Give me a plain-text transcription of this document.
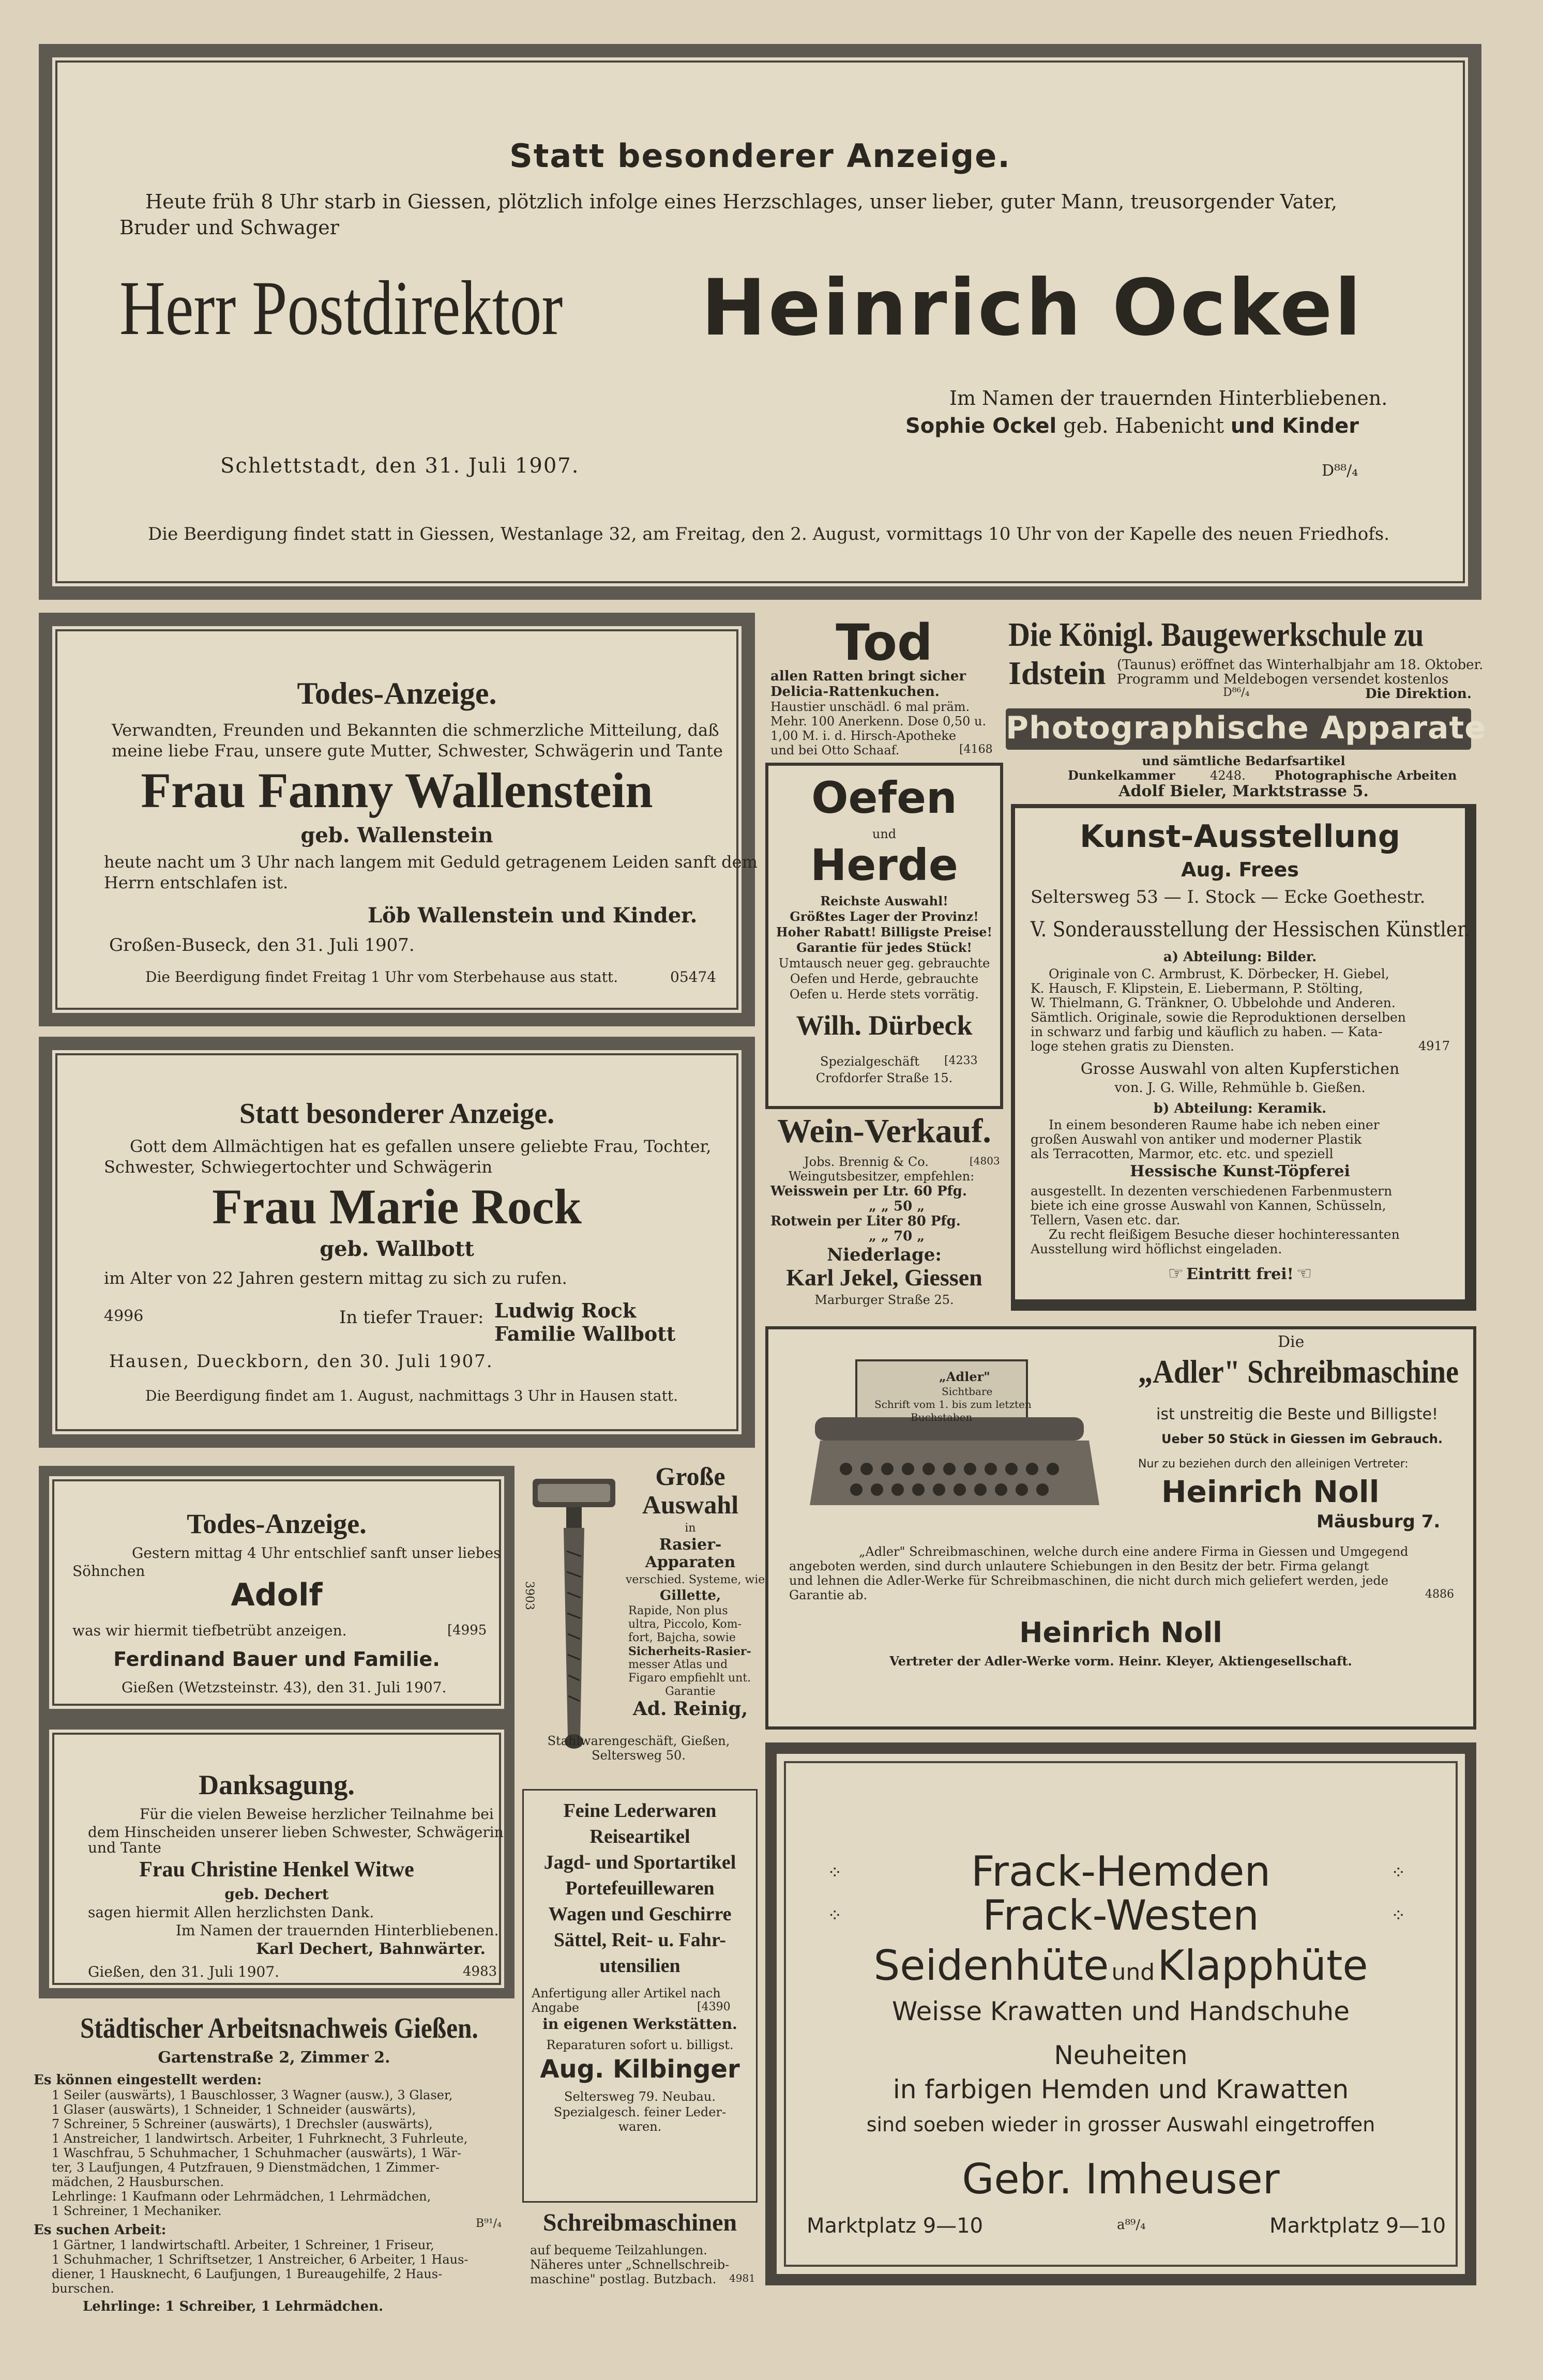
Statt besonderer Anzeige.
Heute früh 8 Uhr starb in Giessen, plötzlich infolge eines Herzschlages, unser lieber, guter Mann, treusorgender Vater,
Bruder und Schwager
Herr Postdirektor Heinrich Ockel
Im Namen der trauernden Hinterbliebenen.
Sophie Ockel geb. Habenicht und Kinder
Schlettstadt, den 31. Juli 1907.	D⁸⁸/₄
Die Beerdigung findet statt in Giessen, Westanlage 32, am Freitag, den 2. August, vormittags 10 Uhr von der Kapelle des neuen Friedhofs.
Todes-Anzeige.
Verwandten, Freunden und Bekannten die schmerzliche Mitteilung, daß
meine liebe Frau, unsere gute Mutter, Schwester, Schwägerin und Tante
Frau Fanny Wallenstein
geb. Wallenstein
heute nacht um 3 Uhr nach langem mit Geduld getragenem Leiden sanft dem
Herrn entschlafen ist.
Löb Wallenstein und Kinder.
Großen-Buseck, den 31. Juli 1907.
Die Beerdigung findet Freitag 1 Uhr vom Sterbehause aus statt.	05474
Statt besonderer Anzeige.
Gott dem Allmächtigen hat es gefallen unsere geliebte Frau, Tochter,
Schwester, Schwiegertochter und Schwägerin
Frau Marie Rock
geb. Wallbott
im Alter von 22 Jahren gestern mittag zu sich zu rufen.
4996	In tiefer Trauer: Ludwig Rock
Familie Wallbott
Hausen, Dueckborn, den 30. Juli 1907.
Die Beerdigung findet am 1. August, nachmittags 3 Uhr in Hausen statt.
Todes-Anzeige.
Gestern mittag 4 Uhr entschlief sanft unser liebes
Söhnchen
Adolf
was wir hiermit tiefbetrübt anzeigen.	[4995
Ferdinand Bauer und Familie.
Gießen (Wetzsteinstr. 43), den 31. Juli 1907.
Danksagung.
Für die vielen Beweise herzlicher Teilnahme bei
dem Hinscheiden unserer lieben Schwester, Schwägerin
und Tante
Frau Christine Henkel Witwe
geb. Dechert
sagen hiermit Allen herzlichsten Dank.
Im Namen der trauernden Hinterbliebenen.
Karl Dechert, Bahnwärter.
Gießen, den 31. Juli 1907.	4983
Städtischer Arbeitsnachweis Gießen.
Gartenstraße 2, Zimmer 2.
Es können eingestellt werden:
1 Seiler (auswärts), 1 Bauschlosser, 3 Wagner (ausw.), 3 Glaser,
1 Glaser (auswärts), 1 Schneider, 1 Schneider (auswärts),
7 Schreiner, 5 Schreiner (auswärts), 1 Drechsler (auswärts),
1 Anstreicher, 1 landwirtsch. Arbeiter, 1 Fuhrknecht, 3 Fuhrleute,
1 Waschfrau, 5 Schuhmacher, 1 Schuhmacher (auswärts), 1 Wär-
ter, 3 Laufjungen, 4 Putzfrauen, 9 Dienstmädchen, 1 Zimmer-
mädchen, 2 Hausburschen.
Lehrlinge: 1 Kaufmann oder Lehrmädchen, 1 Lehrmädchen,
1 Schreiner, 1 Mechaniker.
B⁹¹/₄
Es suchen Arbeit:
1 Gärtner, 1 landwirtschaftl. Arbeiter, 1 Schreiner, 1 Friseur,
1 Schuhmacher, 1 Schriftsetzer, 1 Anstreicher, 6 Arbeiter, 1 Haus-
diener, 1 Hausknecht, 6 Laufjungen, 1 Bureaugehilfe, 2 Haus-
burschen.
Lehrlinge: 1 Schreiber, 1 Lehrmädchen.
Tod
allen Ratten bringt sicher
Delicia-Rattenkuchen.
Haustier unschädl. 6 mal präm.
Mehr. 100 Anerkenn. Dose 0,50 u.
1,00 M. i. d. Hirsch-Apotheke
und bei Otto Schaaf.	[4168
Oefen
und
Herde
Reichste Auswahl!
Größtes Lager der Provinz!
Hoher Rabatt! Billigste Preise!
Garantie für jedes Stück!
Umtausch neuer geg. gebrauchte
Oefen und Herde, gebrauchte
Oefen u. Herde stets vorrätig.
Wilh. Dürbeck
Spezialgeschäft [4233
Crofdorfer Straße 15.
Wein-Verkauf.
Jobs. Brennig & Co.	[4803
Weingutsbesitzer, empfehlen:
Weisswein per Ltr. 60 Pfg.
„ „ 50 „
Rotwein per Liter 80 Pfg.
„ „ 70 „
Niederlage:
Karl Jekel, Giessen
Marburger Straße 25.
Große
Auswahl
in
Rasier-
Apparaten
verschied. Systeme, wie
Gillette,
Rapide, Non plus
ultra, Piccolo, Kom-
fort, Bajcha, sowie
Sicherheits-Rasier-
messer Atlas und
Figaro empfiehlt unt.
Garantie
Ad. Reinig,
Stahlwarengeschäft, Gießen,
Seltersweg 50.
3903
Feine Lederwaren
Reiseartikel
Jagd- und Sportartikel
Portefeuillewaren
Wagen und Geschirre
Sättel, Reit- u. Fahr-
utensilien
Anfertigung aller Artikel nach
Angabe	[4390
in eigenen Werkstätten.
Reparaturen sofort u. billigst.
Aug. Kilbinger
Seltersweg 79. Neubau.
Spezialgesch. feiner Leder-
waren.
Schreibmaschinen
auf bequeme Teilzahlungen.
Näheres unter „Schnellschreib-
maschine" postlag. Butzbach. 4981
Die Königl. Baugewerkschule zu
Idstein (Taunus) eröffnet das Winterhalbjahr am 18. Oktober.
Programm und Meldebogen versendet kostenlos
D⁸⁶/₄	Die Direktion.
Photographische Apparate
und sämtliche Bedarfsartikel
Dunkelkammer	4248. Photographische Arbeiten
Adolf Bieler, Marktstrasse 5.
Kunst-Ausstellung
Aug. Frees
Seltersweg 53 — I. Stock — Ecke Goethestr.
V. Sonderausstellung der Hessischen Künstler.
a) Abteilung: Bilder.
Originale von C. Armbrust, K. Dörbecker, H. Giebel,
K. Hausch, F. Klipstein, E. Liebermann, P. Stölting,
W. Thielmann, G. Tränkner, O. Ubbelohde und Anderen.
Sämtlich. Originale, sowie die Reproduktionen derselben
in schwarz und farbig und käuflich zu haben. — Kata-
loge stehen gratis zu Diensten.	4917
Grosse Auswahl von alten Kupferstichen
von. J. G. Wille, Rehmühle b. Gießen.
b) Abteilung: Keramik.
In einem besonderen Raume habe ich neben einer
großen Auswahl von antiker und moderner Plastik
als Terracotten, Marmor, etc. etc. und speziell
Hessische Kunst-Töpferei
ausgestellt. In dezenten verschiedenen Farbenmustern
biete ich eine grosse Auswahl von Kannen, Schüsseln,
Tellern, Vasen etc. dar.
Zu recht fleißigem Besuche dieser hochinteressanten
Ausstellung wird höflichst eingeladen.
☞ Eintritt frei! ☜
„Adler"
Sichtbare
Schrift vom 1. bis zum letzten
Buchstaben
Die
„Adler" Schreibmaschine
ist unstreitig die Beste und Billigste!
Ueber 50 Stück in Giessen im Gebrauch.
Nur zu beziehen durch den alleinigen Vertreter:
Heinrich Noll
Mäusburg 7.
„Adler" Schreibmaschinen, welche durch eine andere Firma in Giessen und Umgegend
angeboten werden, sind durch unlautere Schiebungen in den Besitz der betr. Firma gelangt
und lehnen die Adler-Werke für Schreibmaschinen, die nicht durch mich geliefert werden, jede
Garantie ab.	4886
Heinrich Noll
Vertreter der Adler-Werke vorm. Heinr. Kleyer, Aktiengesellschaft.
⁘	⁘
⁘	⁘
Frack-Hemden
Frack-Westen
Seidenhüte und Klapphüte
Weisse Krawatten und Handschuhe
Neuheiten
in farbigen Hemden und Krawatten
sind soeben wieder in grosser Auswahl eingetroffen
Gebr. Imheuser
Marktplatz 9—10	a⁸⁹/₄	Marktplatz 9—10
